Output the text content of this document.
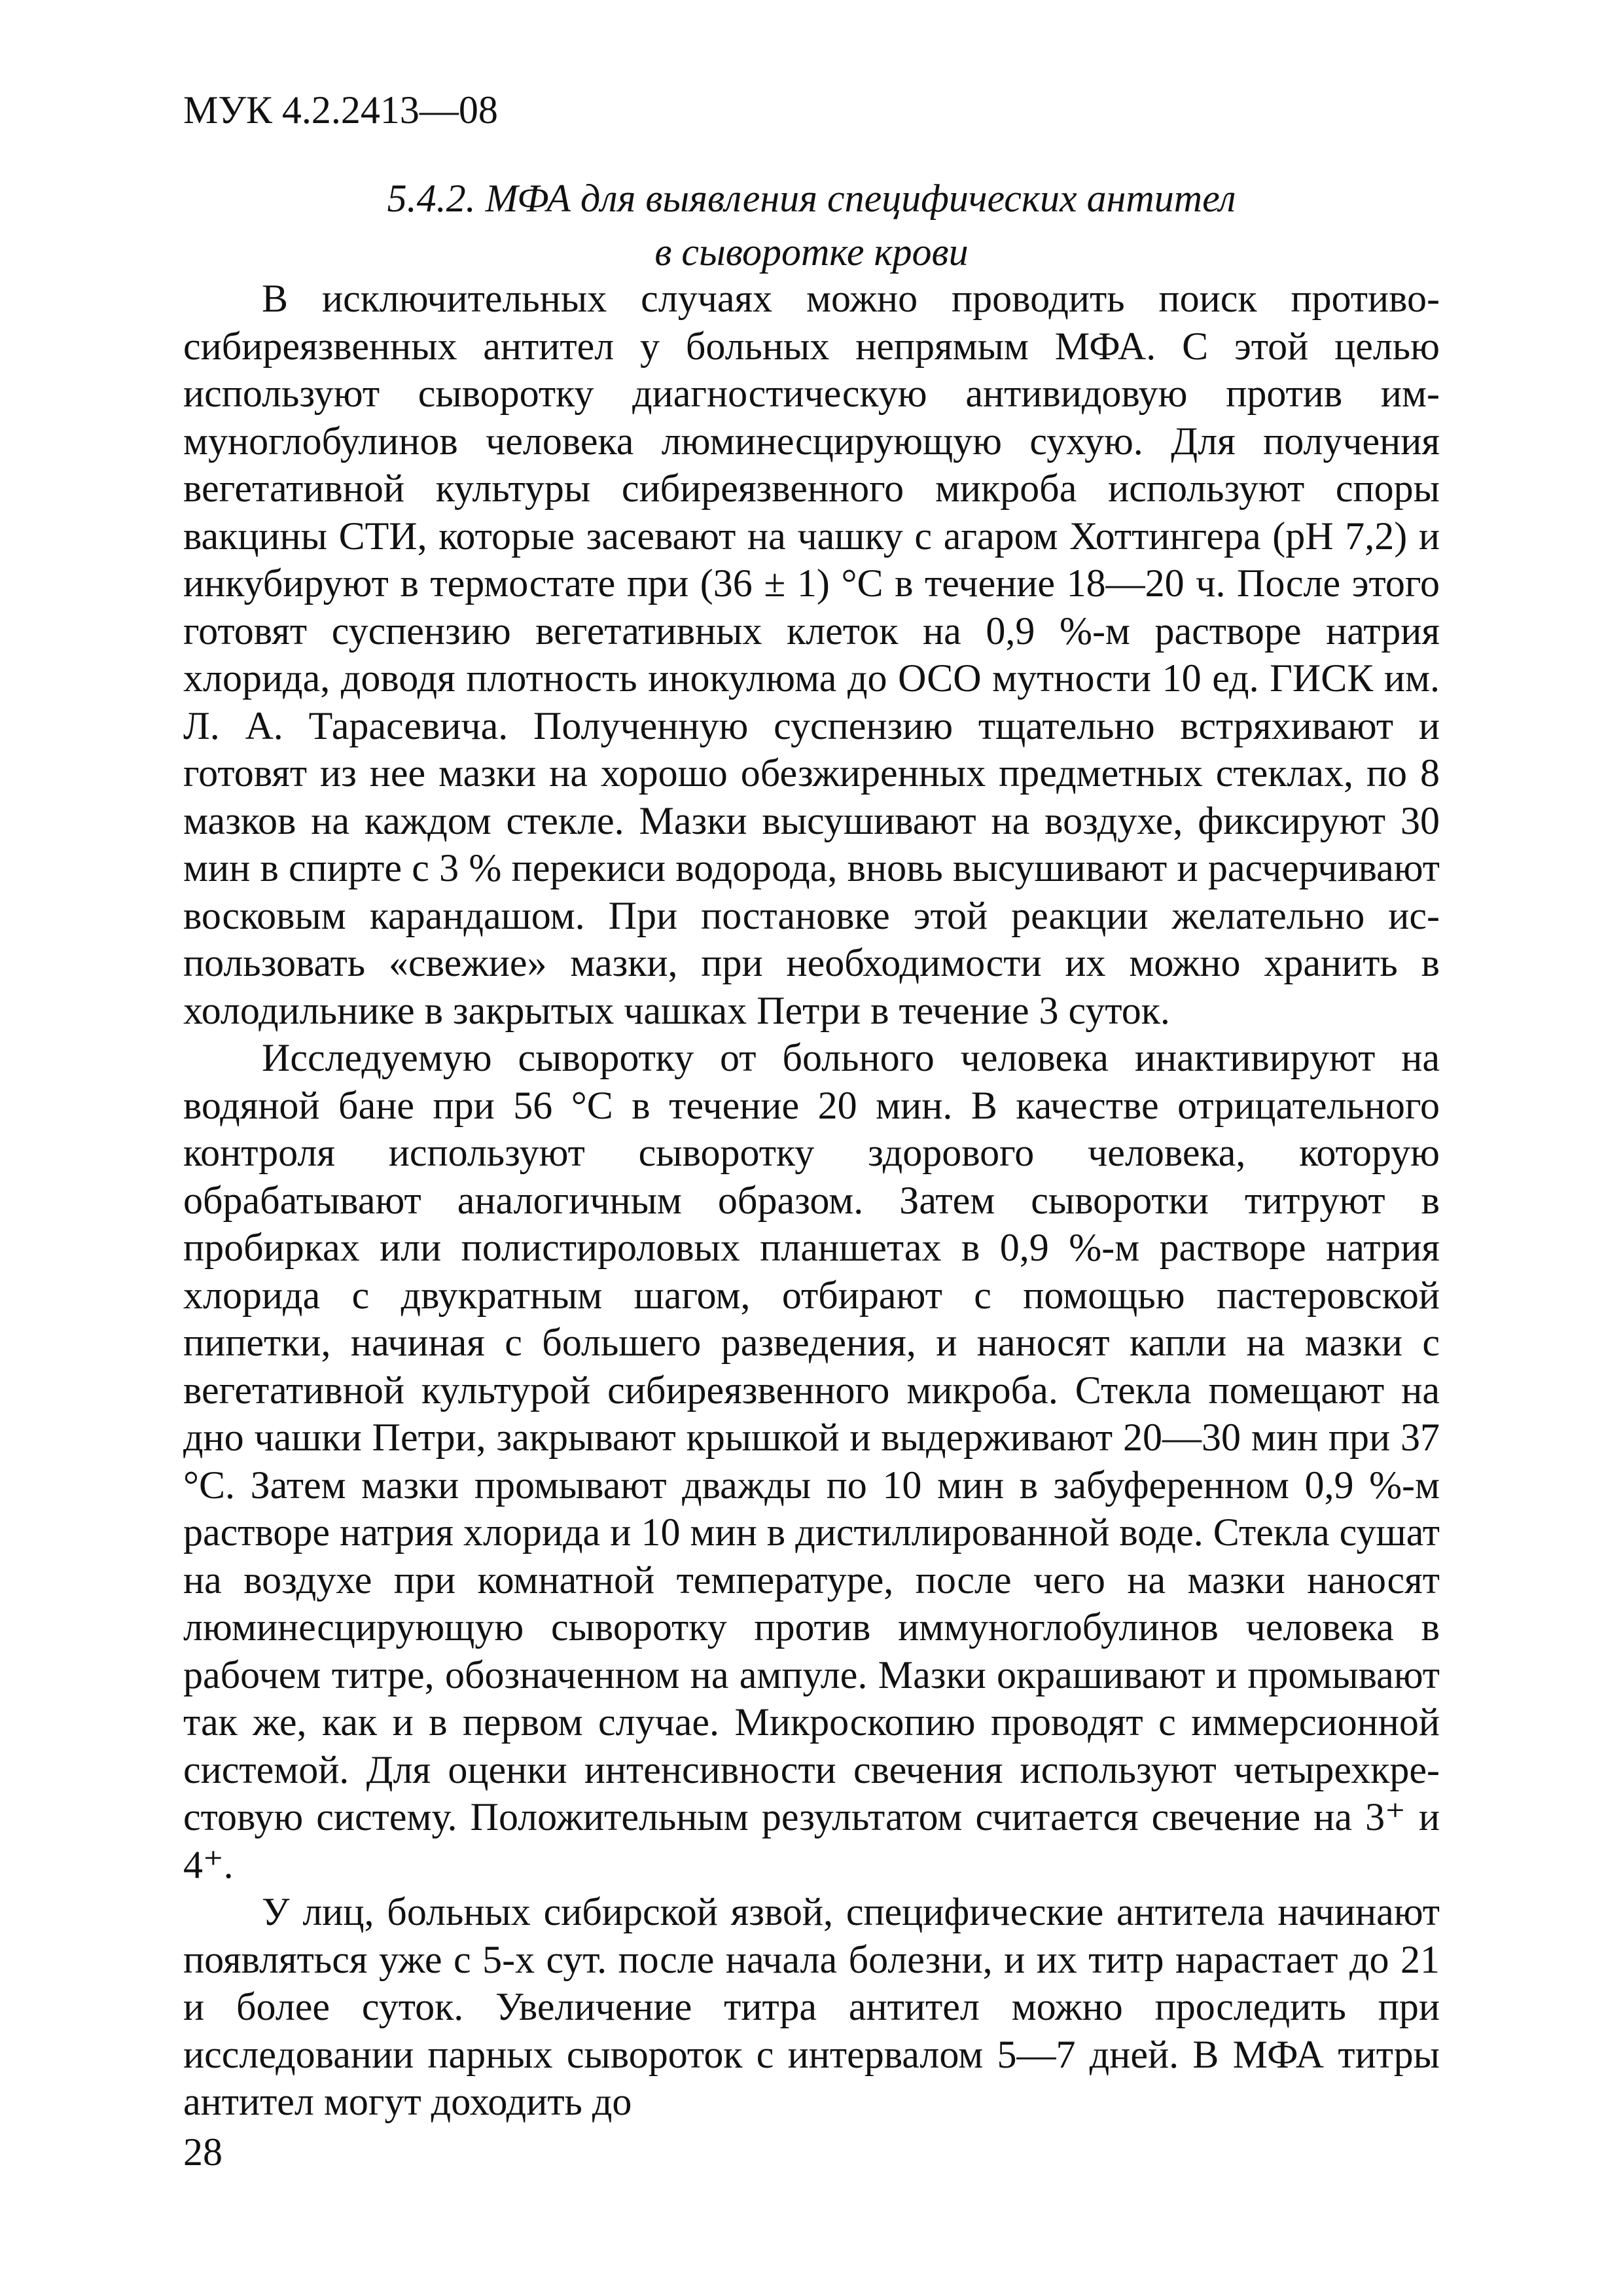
МУК 4.2.2413—08
5.4.2. МФА для выявления специфических антител
в сыворотке крови

В исключительных случаях можно проводить поиск противосибиреязвенных антител у больных непрямым МФА. С этой целью используют сыворотку диагностическую антивидовую против иммуноглобулинов человека люминесцирующую сухую. Для получения вегетативной культуры сибиреязвенного микроба используют споры вакцины СТИ, которые засевают на чашку с агаром Хоттингера (рН 7,2) и инкубируют в термостате при (36 ± 1) °С в течение 18—20 ч. После этого готовят суспензию вегетативных клеток на 0,9 %-м растворе натрия хлорида, доводя плотность инокулюма до ОСО мутности 10 ед. ГИСК им. Л. А. Тарасевича. Полученную суспензию тщательно встряхивают и готовят из нее мазки на хорошо обезжиренных предметных стеклах, по 8 мазков на каждом стекле. Мазки высушивают на воздухе, фиксируют 30 мин в спирте с 3 % перекиси водорода, вновь высушивают и расчерчивают восковым карандашом. При постановке этой реакции желательно использовать «свежие» мазки, при необходимости их можно хранить в холодильнике в закрытых чашках Петри в течение 3 суток.

Исследуемую сыворотку от больного человека инактивируют на водяной бане при 56 °С в течение 20 мин. В качестве отрицательного контроля используют сыворотку здорового человека, которую обрабатывают аналогичным образом. Затем сыворотки титруют в пробирках или полистироловых планшетах в 0,9 %-м растворе натрия хлорида с двукратным шагом, отбирают с помощью пастеровской пипетки, начиная с большего разведения, и наносят капли на мазки с вегетативной культурой сибиреязвенного микроба. Стекла помещают на дно чашки Петри, закрывают крышкой и выдерживают 20—30 мин при 37 °С. Затем мазки промывают дважды по 10 мин в забуференном 0,9 %-м растворе натрия хлорида и 10 мин в дистиллированной воде. Стекла сушат на воздухе при комнатной температуре, после чего на мазки наносят люминесцирующую сыворотку против иммуноглобулинов человека в рабочем титре, обозначенном на ампуле. Мазки окрашивают и промывают так же, как и в первом случае. Микроскопию проводят с иммерсионной системой. Для оценки интенсивности свечения используют четырехкрестовую систему. Положительным результатом считается свечение на 3⁺ и 4⁺.

У лиц, больных сибирской язвой, специфические антитела начинают появляться уже с 5-х сут. после начала болезни, и их титр нарастает до 21 и более суток. Увеличение титра антител можно проследить при исследовании парных сывороток с интервалом 5—7 дней. В МФА титры антител могут доходить до

28
